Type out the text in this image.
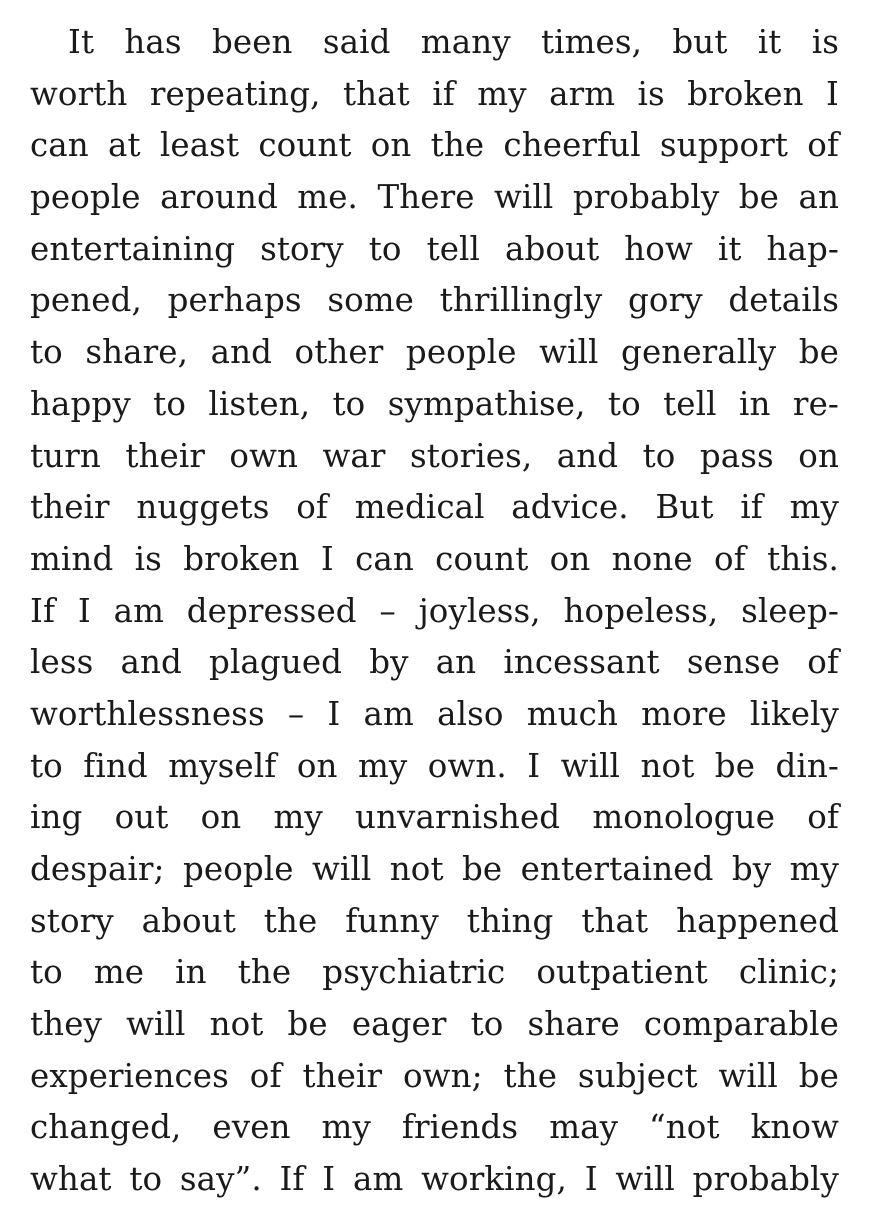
It has been said many times, but it is
worth repeating, that if my arm is broken I
can at least count on the cheerful support of
people around me. There will probably be an
entertaining story to tell about how it hap-
pened, perhaps some thrillingly gory details
to share, and other people will generally be
happy to listen, to sympathise, to tell in re-
turn their own war stories, and to pass on
their nuggets of medical advice. But if my
mind is broken I can count on none of this.
If I am depressed – joyless, hopeless, sleep-
less and plagued by an incessant sense of
worthlessness – I am also much more likely
to find myself on my own. I will not be din-
ing out on my unvarnished monologue of
despair; people will not be entertained by my
story about the funny thing that happened
to me in the psychiatric outpatient clinic;
they will not be eager to share comparable
experiences of their own; the subject will be
changed, even my friends may “not know
what to say”. If I am working, I will probably
